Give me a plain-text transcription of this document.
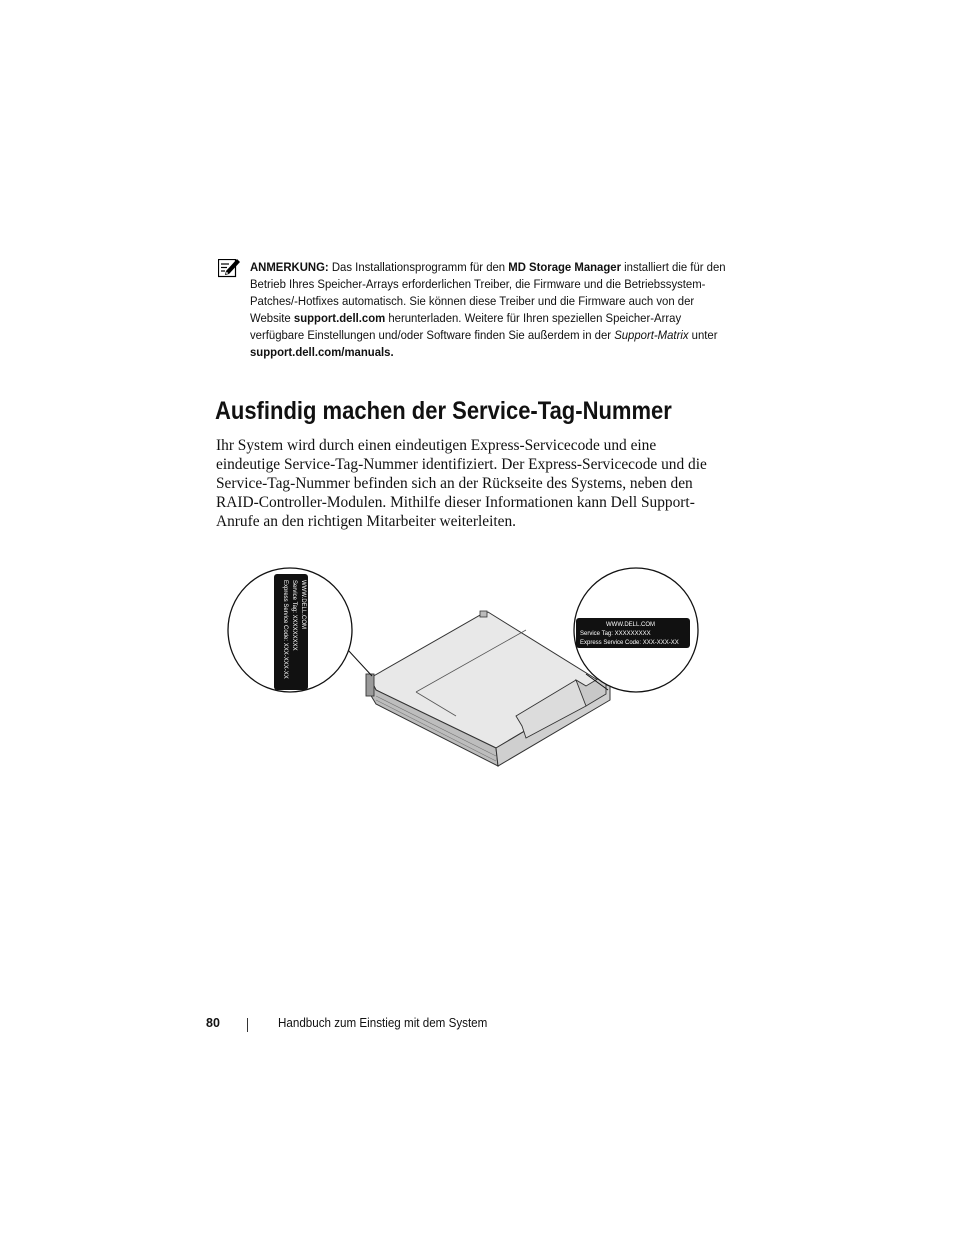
ANMERKUNG: Das Installationsprogramm für den MD Storage Manager installiert die für den Betrieb Ihres Speicher-Arrays erforderlichen Treiber, die Firmware und die Betriebssystem-Patches/-Hotfixes automatisch. Sie können diese Treiber und die Firmware auch von der Website support.dell.com herunterladen. Weitere für Ihren speziellen Speicher-Array verfügbare Einstellungen und/oder Software finden Sie außerdem in der Support-Matrix unter support.dell.com/manuals.
Ausfindig machen der Service-Tag-Nummer

Ihr System wird durch einen eindeutigen Express-Servicecode und eine eindeutige Service-Tag-Nummer identifiziert. Der Express-Servicecode und die Service-Tag-Nummer befinden sich an der Rückseite des Systems, neben den RAID-Controller-Modulen. Mithilfe dieser Informationen kann Dell Support-Anrufe an den richtigen Mitarbeiter weiterleiten.

WWW.DELL.COM
Service Tag: XXXXXXXXX
Express Service Code: XXX-XXX-XX	WWW.DELL.COM
Service Tag: XXXXXXXXX
Express Service Code: XXX-XXX-XX
80	Handbuch zum Einstieg mit dem System
